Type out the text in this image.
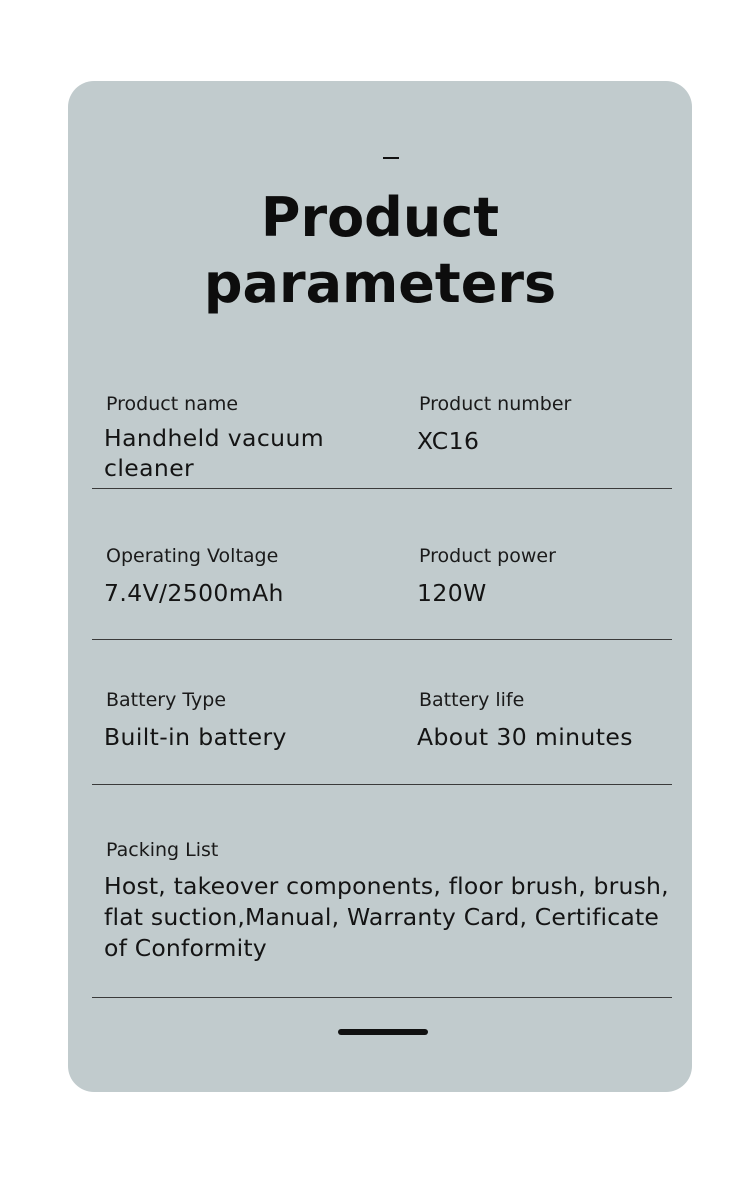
Product
parameters

Product name

Handheld vacuum cleaner

Product number

XC16

Operating Voltage

7.4V/2500mAh

Product power

120W

Battery Type

Built-in battery

Battery life

About 30 minutes

Packing List

Host, takeover components, floor brush, brush, flat suction,Manual, Warranty Card, Certificate of Conformity
